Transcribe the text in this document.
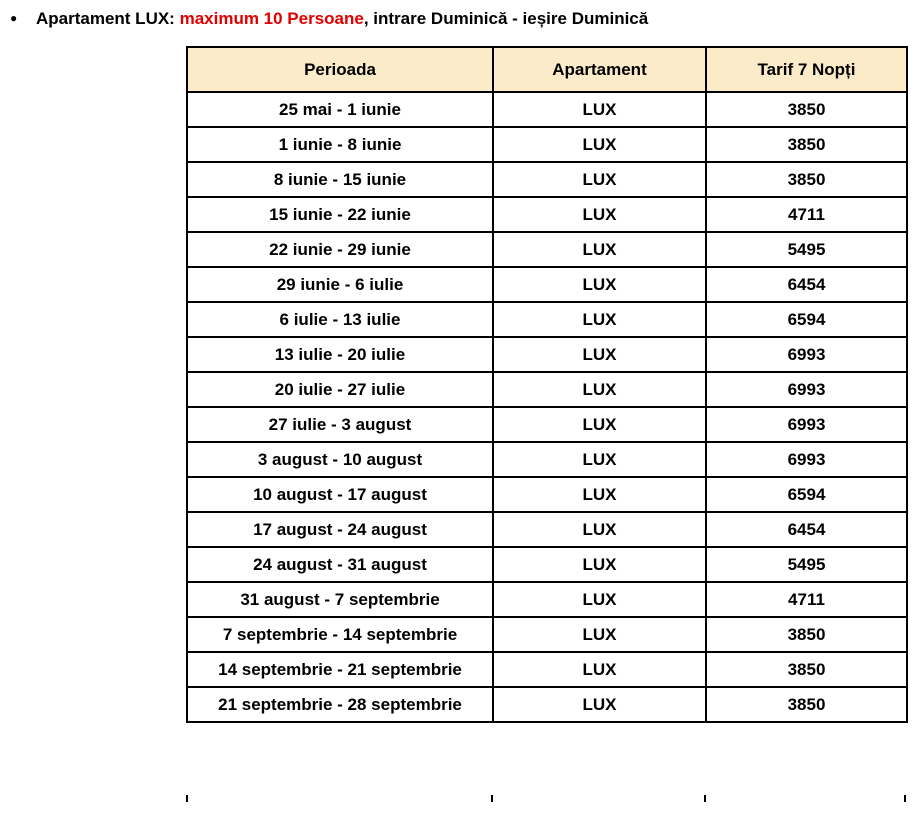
●	Apartament LUX: maximum 10 Persoane, intrare Duminică - ieșire Duminică
Perioada	Apartament	Tarif 7 Nopți
25 mai - 1 iunie	LUX	3850
1 iunie - 8 iunie	LUX	3850
8 iunie - 15 iunie	LUX	3850
15 iunie - 22 iunie	LUX	4711
22 iunie - 29 iunie	LUX	5495
29 iunie - 6 iulie	LUX	6454
6 iulie - 13 iulie	LUX	6594
13 iulie - 20 iulie	LUX	6993
20 iulie - 27 iulie	LUX	6993
27 iulie - 3 august	LUX	6993
3 august - 10 august	LUX	6993
10 august - 17 august	LUX	6594
17 august - 24 august	LUX	6454
24 august - 31 august	LUX	5495
31 august - 7 septembrie	LUX	4711
7 septembrie - 14 septembrie	LUX	3850
14 septembrie - 21 septembrie	LUX	3850
21 septembrie - 28 septembrie	LUX	3850
